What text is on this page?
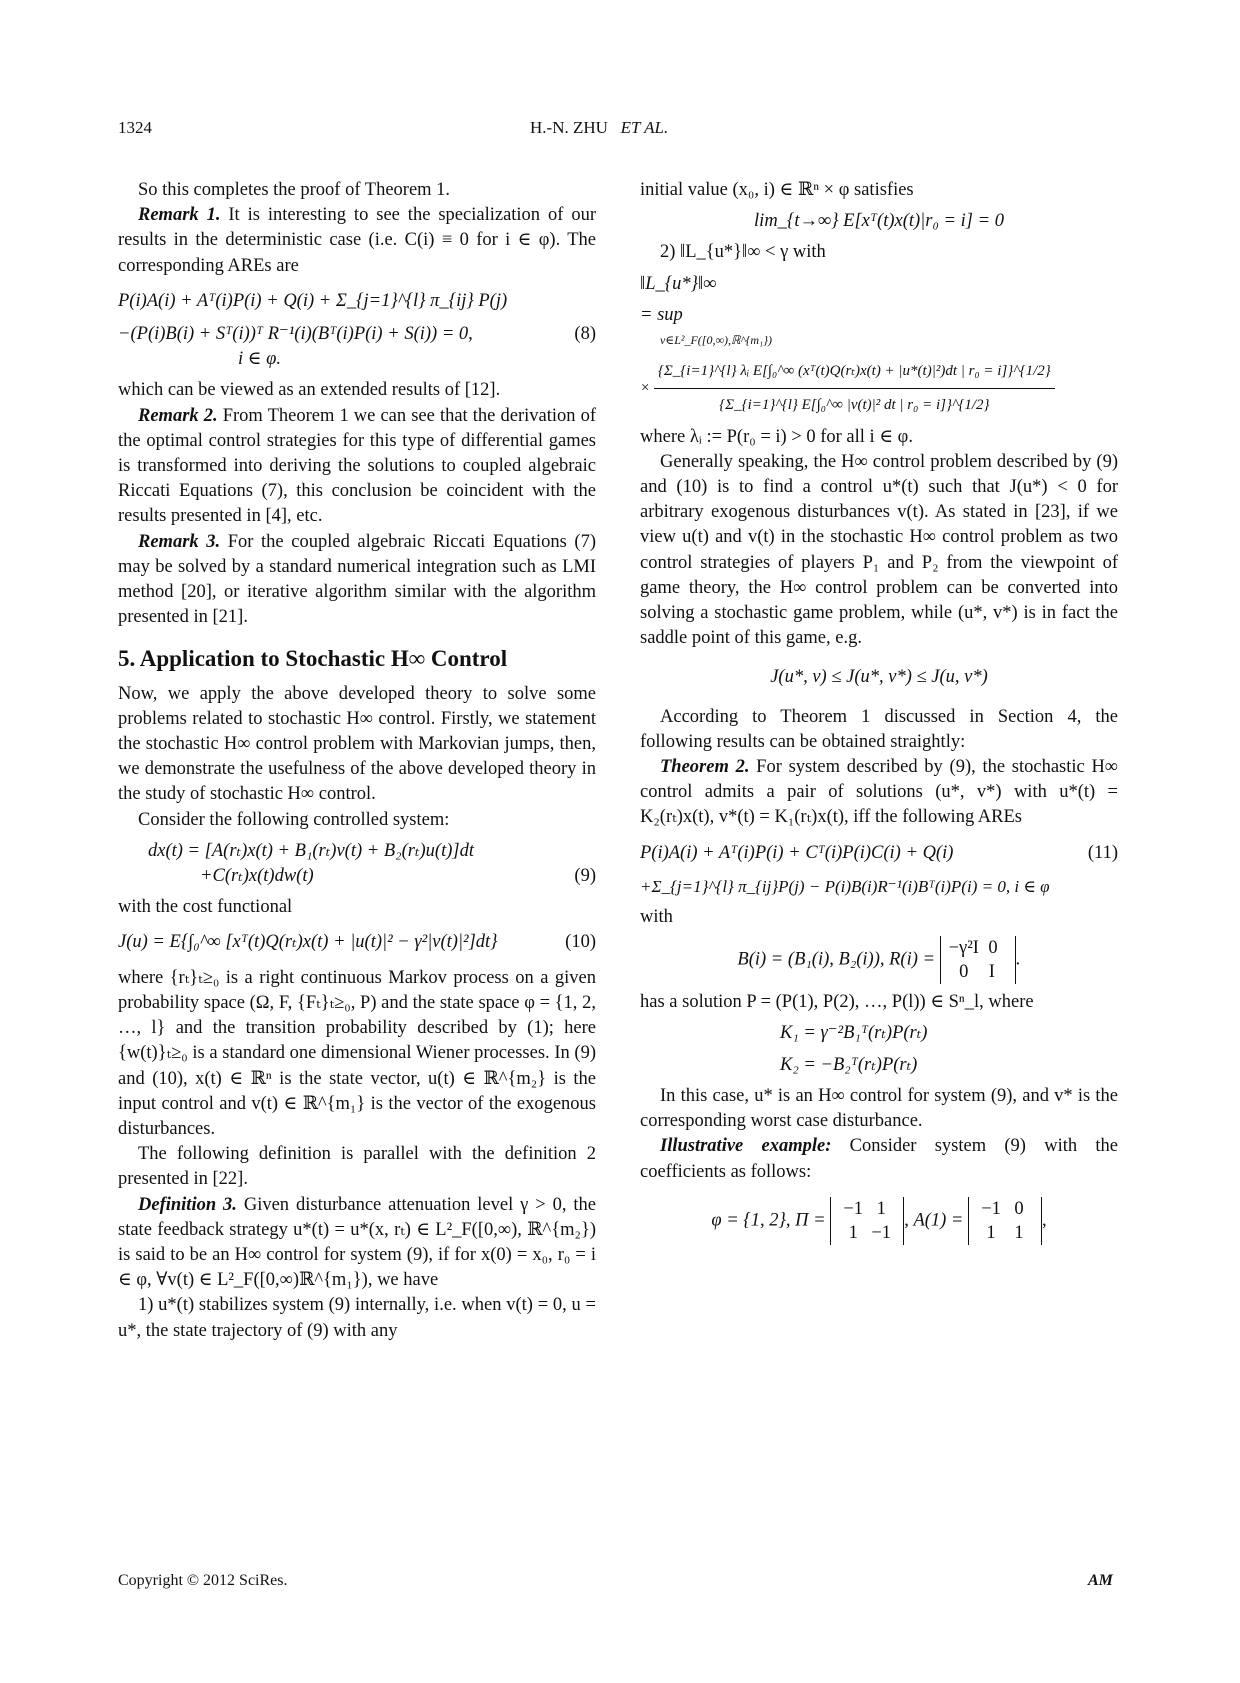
1324	H.-N. ZHU ET AL.

So this completes the proof of Theorem 1.

Remark 1. It is interesting to see the specialization of our results in the deterministic case (i.e. C(i) ≡ 0 for i ∈ φ). The corresponding AREs are

P(i)A(i) + Aᵀ(i)P(i) + Q(i) + Σ_{j=1}^{l} π_{ij} P(j)
−(P(i)B(i) + Sᵀ(i))ᵀ R⁻¹(i)(Bᵀ(i)P(i) + S(i)) = 0,	(8)
i ∈ φ.

which can be viewed as an extended results of [12].

Remark 2. From Theorem 1 we can see that the derivation of the optimal control strategies for this type of differential games is transformed into deriving the solutions to coupled algebraic Riccati Equations (7), this conclusion be coincident with the results presented in [4], etc.

Remark 3. For the coupled algebraic Riccati Equations (7) may be solved by a standard numerical integration such as LMI method [20], or iterative algorithm similar with the algorithm presented in [21].

5. Application to Stochastic H∞ Control

Now, we apply the above developed theory to solve some problems related to stochastic H∞ control. Firstly, we statement the stochastic H∞ control problem with Markovian jumps, then, we demonstrate the usefulness of the above developed theory in the study of stochastic H∞ control.

Consider the following controlled system:

dx(t) = [A(rₜ)x(t) + B₁(rₜ)v(t) + B₂(rₜ)u(t)]dt
+C(rₜ)x(t)dw(t)	(9)

with the cost functional

J(u) = E{∫₀^∞ [xᵀ(t)Q(rₜ)x(t) + |u(t)|² − γ²|v(t)|²]dt}	(10)

where {rₜ}ₜ≥₀ is a right continuous Markov process on a given probability space (Ω, F, {Fₜ}ₜ≥₀, P) and the state space φ = {1, 2, …, l} and the transition probability described by (1); here {w(t)}ₜ≥₀ is a standard one dimensional Wiener processes. In (9) and (10), x(t) ∈ ℝⁿ is the state vector, u(t) ∈ ℝ^{m₂} is the input control and v(t) ∈ ℝ^{m₁} is the vector of the exogenous disturbances.

The following definition is parallel with the definition 2 presented in [22].

Definition 3. Given disturbance attenuation level γ > 0, the state feedback strategy u*(t) = u*(x, rₜ) ∈ L²_F([0,∞), ℝ^{m₂}) is said to be an H∞ control for system (9), if for x(0) = x₀, r₀ = i ∈ φ, ∀v(t) ∈ L²_F([0,∞)ℝ^{m₁}), we have

1) u*(t) stabilizes system (9) internally, i.e. when v(t) = 0, u = u*, the state trajectory of (9) with any

initial value (x₀, i) ∈ ℝⁿ × φ satisfies

lim_{t→∞} E[xᵀ(t)x(t)|r₀ = i] = 0

2) ‖L_{u*}‖∞ < γ with

‖L_{u*}‖∞
= sup
v∈L²_F([0,∞),ℝ^{m₁})
×
{Σ_{i=1}^{l} λᵢ E[∫₀^∞ (xᵀ(t)Q(rₜ)x(t) + |u*(t)|²)dt | r₀ = i]}^{1/2}
{Σ_{i=1}^{l} E[∫₀^∞ |v(t)|² dt | r₀ = i]}^{1/2}

where λᵢ := P(r₀ = i) > 0 for all i ∈ φ.

Generally speaking, the H∞ control problem described by (9) and (10) is to find a control u*(t) such that J(u*) < 0 for arbitrary exogenous disturbances v(t). As stated in [23], if we view u(t) and v(t) in the stochastic H∞ control problem as two control strategies of players P₁ and P₂ from the viewpoint of game theory, the H∞ control problem can be converted into solving a stochastic game problem, while (u*, v*) is in fact the saddle point of this game, e.g.

J(u*, v) ≤ J(u*, v*) ≤ J(u, v*)

According to Theorem 1 discussed in Section 4, the following results can be obtained straightly:

Theorem 2. For system described by (9), the stochastic H∞ control admits a pair of solutions (u*, v*) with u*(t) = K₂(rₜ)x(t), v*(t) = K₁(rₜ)x(t), iff the following AREs

P(i)A(i) + Aᵀ(i)P(i) + Cᵀ(i)P(i)C(i) + Q(i)	(11)
+Σ_{j=1}^{l} π_{ij}P(j) − P(i)B(i)R⁻¹(i)Bᵀ(i)P(i) = 0, i ∈ φ

with

B(i) = (B₁(i), B₂(i)), R(i) = −γ²I 0
0 I.

has a solution P = (P(1), P(2), …, P(l)) ∈ Sⁿ_l, where

K₁ = γ⁻²B₁ᵀ(rₜ)P(rₜ)
K₂ = −B₂ᵀ(rₜ)P(rₜ)

In this case, u* is an H∞ control for system (9), and v* is the corresponding worst case disturbance.

Illustrative example: Consider system (9) with the coefficients as follows:

φ = {1, 2}, Π = −1 1
1 −1, A(1) = −1 0
1 1,
Copyright © 2012 SciRes.	AM
